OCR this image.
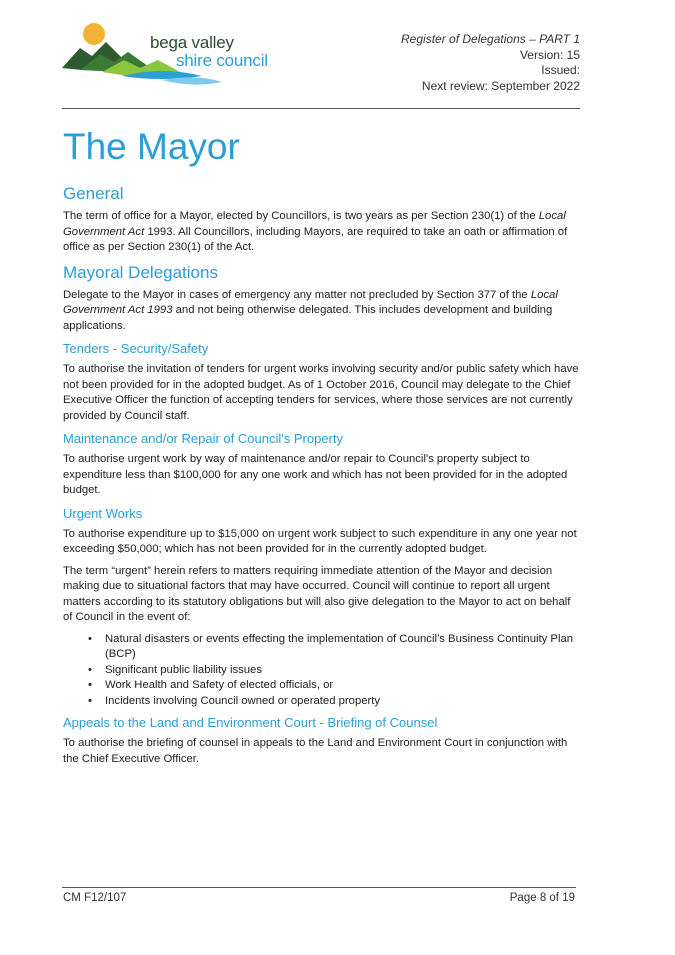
bega valley
shire council
Register of Delegations – PART 1
Version: 15
Issued:
Next review: September 2022
The Mayor
General

The term of office for a Mayor, elected by Councillors, is two years as per Section 230(1) of the Local Government Act 1993. All Councillors, including Mayors, are required to take an oath or affirmation of office as per Section 230(1) of the Act.

Mayoral Delegations

Delegate to the Mayor in cases of emergency any matter not precluded by Section 377 of the Local Government Act 1993 and not being otherwise delegated. This includes development and building applications.

Tenders - Security/Safety

To authorise the invitation of tenders for urgent works involving security and/or public safety which have not been provided for in the adopted budget. As of 1 October 2016, Council may delegate to the Chief Executive Officer the function of accepting tenders for services, where those services are not currently provided by Council staff.

Maintenance and/or Repair of Council's Property

To authorise urgent work by way of maintenance and/or repair to Council's property subject to expenditure less than $100,000 for any one work and which has not been provided for in the adopted budget.

Urgent Works

To authorise expenditure up to $15,000 on urgent work subject to such expenditure in any one year not exceeding $50,000; which has not been provided for in the currently adopted budget.

The term “urgent” herein refers to matters requiring immediate attention of the Mayor and decision making due to situational factors that may have occurred. Council will continue to report all urgent matters according to its statutory obligations but will also give delegation to the Mayor to act on behalf of Council in the event of:

• Natural disasters or events effecting the implementation of Council’s Business Continuity Plan (BCP)
• Significant public liability issues
• Work Health and Safety of elected officials, or
• Incidents involving Council owned or operated property
Appeals to the Land and Environment Court - Briefing of Counsel

To authorise the briefing of counsel in appeals to the Land and Environment Court in conjunction with the Chief Executive Officer.

CM F12/107	Page 8 of 19
